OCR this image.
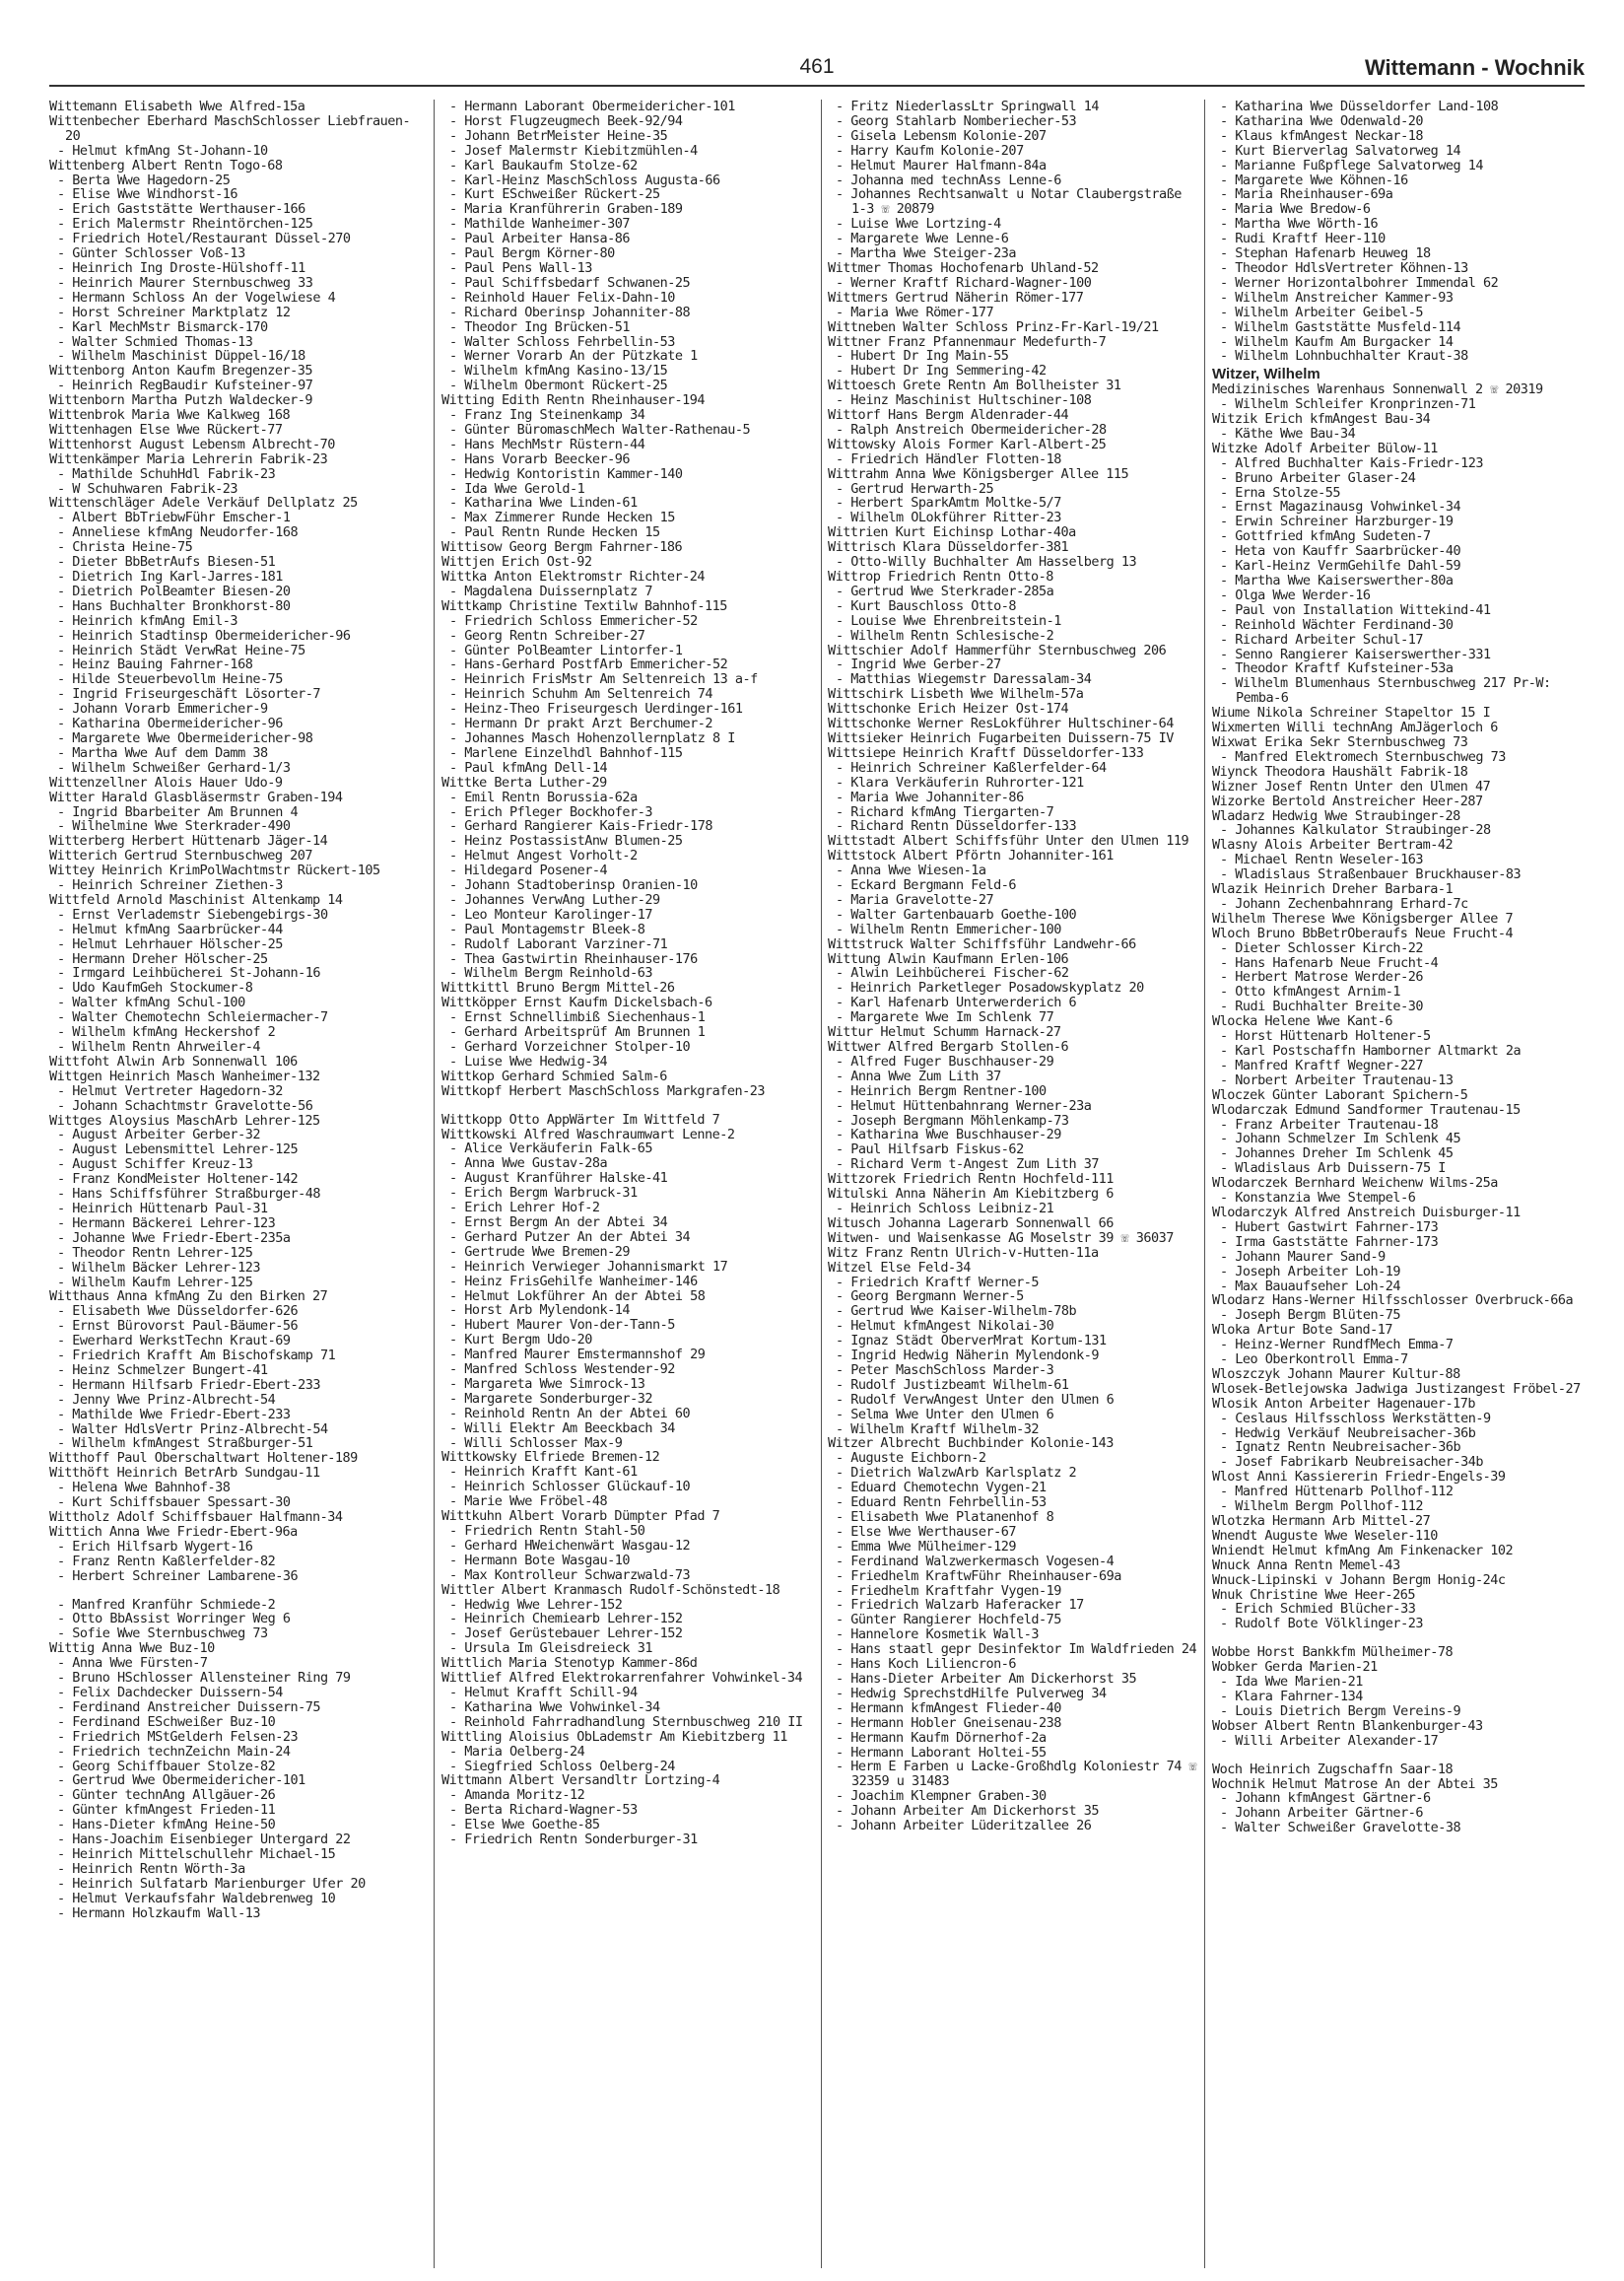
461	Wittemann - Wochnik
Wittemann Elisabeth Wwe Alfred-15a
Wittenbecher Eberhard MaschSchlosser Liebfrauen-20
- Helmut kfmAng St-Johann-10
Wittenberg Albert Rentn Togo-68
- Berta Wwe Hagedorn-25
- Elise Wwe Windhorst-16
- Erich Gaststätte Werthauser-166
- Erich Malermstr Rheintörchen-125
- Friedrich Hotel/Restaurant Düssel-270
- Günter Schlosser Voß-13
- Heinrich Ing Droste-Hülshoff-11
- Heinrich Maurer Sternbuschweg 33
- Hermann Schloss An der Vogelwiese 4
- Horst Schreiner Marktplatz 12
- Karl MechMstr Bismarck-170
- Walter Schmied Thomas-13
- Wilhelm Maschinist Düppel-16/18
Wittenborg Anton Kaufm Bregenzer-35
- Heinrich RegBaudir Kufsteiner-97
Wittenborn Martha Putzh Waldecker-9
Wittenbrok Maria Wwe Kalkweg 168
Wittenhagen Else Wwe Rückert-77
Wittenhorst August Lebensm Albrecht-70
Wittenkämper Maria Lehrerin Fabrik-23
- Mathilde SchuhHdl Fabrik-23
- W Schuhwaren Fabrik-23
Wittenschläger Adele Verkäuf Dellplatz 25
- Albert BbTriebwFühr Emscher-1
- Anneliese kfmAng Neudorfer-168
- Christa Heine-75
- Dieter BbBetrAufs Biesen-51
- Dietrich Ing Karl-Jarres-181
- Dietrich PolBeamter Biesen-20
- Hans Buchhalter Bronkhorst-80
- Heinrich kfmAng Emil-3
- Heinrich Stadtinsp Obermeidericher-96
- Heinrich Städt VerwRat Heine-75
- Heinz Bauing Fahrner-168
- Hilde Steuerbevollm Heine-75
- Ingrid Friseurgeschäft Lösorter-7
- Johann Vorarb Emmericher-9
- Katharina Obermeidericher-96
- Margarete Wwe Obermeidericher-98
- Martha Wwe Auf dem Damm 38
- Wilhelm Schweißer Gerhard-1/3
Wittenzellner Alois Hauer Udo-9
Witter Harald Glasbläsermstr Graben-194
- Ingrid Bbarbeiter Am Brunnen 4
- Wilhelmine Wwe Sterkrader-490
Witterberg Herbert Hüttenarb Jäger-14
Witterich Gertrud Sternbuschweg 207
Wittey Heinrich KrimPolWachtmstr Rückert-105
- Heinrich Schreiner Ziethen-3
Wittfeld Arnold Maschinist Altenkamp 14
- Ernst Verlademstr Siebengebirgs-30
- Helmut kfmAng Saarbrücker-44
- Helmut Lehrhauer Hölscher-25
- Hermann Dreher Hölscher-25
- Irmgard Leihbücherei St-Johann-16
- Udo KaufmGeh Stockumer-8
- Walter kfmAng Schul-100
- Walter Chemotechn Schleiermacher-7
- Wilhelm kfmAng Heckershof 2
- Wilhelm Rentn Ahrweiler-4
Wittfoht Alwin Arb Sonnenwall 106
Wittgen Heinrich Masch Wanheimer-132
- Helmut Vertreter Hagedorn-32
- Johann Schachtmstr Gravelotte-56
Wittges Aloysius MaschArb Lehrer-125
- August Arbeiter Gerber-32
- August Lebensmittel Lehrer-125
- August Schiffer Kreuz-13
- Franz KondMeister Holtener-142
- Hans Schiffsführer Straßburger-48
- Heinrich Hüttenarb Paul-31
- Hermann Bäckerei Lehrer-123
- Johanne Wwe Friedr-Ebert-235a
- Theodor Rentn Lehrer-125
- Wilhelm Bäcker Lehrer-123
- Wilhelm Kaufm Lehrer-125
Witthaus Anna kfmAng Zu den Birken 27
- Elisabeth Wwe Düsseldorfer-626
- Ernst Bürovorst Paul-Bäumer-56
- Ewerhard WerkstTechn Kraut-69
- Friedrich Krafft Am Bischofskamp 71
- Heinz Schmelzer Bungert-41
- Hermann Hilfsarb Friedr-Ebert-233
- Jenny Wwe Prinz-Albrecht-54
- Mathilde Wwe Friedr-Ebert-233
- Walter HdlsVertr Prinz-Albrecht-54
- Wilhelm kfmAngest Straßburger-51
Witthoff Paul Oberschaltwart Holtener-189
Witthöft Heinrich BetrArb Sundgau-11
- Helena Wwe Bahnhof-38
- Kurt Schiffsbauer Spessart-30
Wittholz Adolf Schiffsbauer Halfmann-34
Wittich Anna Wwe Friedr-Ebert-96a
- Erich Hilfsarb Wygert-16
- Franz Rentn Kaßlerfelder-82
- Herbert Schreiner Lambarene-36
- Manfred Kranführ Schmiede-2
- Otto BbAssist Worringer Weg 6
- Sofie Wwe Sternbuschweg 73
Wittig Anna Wwe Buz-10
- Anna Wwe Fürsten-7
- Bruno HSchlosser Allensteiner Ring 79
- Felix Dachdecker Duissern-54
- Ferdinand Anstreicher Duissern-75
- Ferdinand ESchweißer Buz-10
- Friedrich MStGelderh Felsen-23
- Friedrich technZeichn Main-24
- Georg Schiffbauer Stolze-82
- Gertrud Wwe Obermeidericher-101
- Günter technAng Allgäuer-26
- Günter kfmAngest Frieden-11
- Hans-Dieter kfmAng Heine-50
- Hans-Joachim Eisenbieger Untergard 22
- Heinrich Mittelschullehr Michael-15
- Heinrich Rentn Wörth-3a
- Heinrich Sulfatarb Marienburger Ufer 20
- Helmut Verkaufsfahr Waldebrenweg 10
- Hermann Holzkaufm Wall-13
- Hermann Laborant Obermeidericher-101
- Horst Flugzeugmech Beek-92/94
- Johann BetrMeister Heine-35
- Josef Malermstr Kiebitzmühlen-4
- Karl Baukaufm Stolze-62
- Karl-Heinz MaschSchloss Augusta-66
- Kurt ESchweißer Rückert-25
- Maria Kranführerin Graben-189
- Mathilde Wanheimer-307
- Paul Arbeiter Hansa-86
- Paul Bergm Körner-80
- Paul Pens Wall-13
- Paul Schiffsbedarf Schwanen-25
- Reinhold Hauer Felix-Dahn-10
- Richard Oberinsp Johanniter-88
- Theodor Ing Brücken-51
- Walter Schloss Fehrbellin-53
- Werner Vorarb An der Pützkate 1
- Wilhelm kfmAng Kasino-13/15
- Wilhelm Obermont Rückert-25
Witting Edith Rentn Rheinhauser-194
- Franz Ing Steinenkamp 34
- Günter BüromaschMech Walter-Rathenau-5
- Hans MechMstr Rüstern-44
- Hans Vorarb Beecker-96
- Hedwig Kontoristin Kammer-140
- Ida Wwe Gerold-1
- Katharina Wwe Linden-61
- Max Zimmerer Runde Hecken 15
- Paul Rentn Runde Hecken 15
Wittisow Georg Bergm Fahrner-186
Wittjen Erich Ost-92
Wittka Anton Elektromstr Richter-24
- Magdalena Duissernplatz 7
Wittkamp Christine Textilw Bahnhof-115
- Friedrich Schloss Emmericher-52
- Georg Rentn Schreiber-27
- Günter PolBeamter Lintorfer-1
- Hans-Gerhard PostfArb Emmericher-52
- Heinrich FrisMstr Am Seltenreich 13 a-f
- Heinrich Schuhm Am Seltenreich 74
- Heinz-Theo Friseurgesch Uerdinger-161
- Hermann Dr prakt Arzt Berchumer-2
- Johannes Masch Hohenzollernplatz 8 I
- Marlene Einzelhdl Bahnhof-115
- Paul kfmAng Dell-14
Wittke Berta Luther-29
- Emil Rentn Borussia-62a
- Erich Pfleger Bockhofer-3
- Gerhard Rangierer Kais-Friedr-178
- Heinz PostassistAnw Blumen-25
- Helmut Angest Vorholt-2
- Hildegard Posener-4
- Johann Stadtoberinsp Oranien-10
- Johannes VerwAng Luther-29
- Leo Monteur Karolinger-17
- Paul Montagemstr Bleek-8
- Rudolf Laborant Varziner-71
- Thea Gastwirtin Rheinhauser-176
- Wilhelm Bergm Reinhold-63
Wittkittl Bruno Bergm Mittel-26
Wittköpper Ernst Kaufm Dickelsbach-6
- Ernst Schnellimbiß Siechenhaus-1
- Gerhard Arbeitsprüf Am Brunnen 1
- Gerhard Vorzeichner Stolper-10
- Luise Wwe Hedwig-34
Wittkop Gerhard Schmied Salm-6
Wittkopf Herbert MaschSchloss Markgrafen-23
Wittkopp Otto AppWärter Im Wittfeld 7
Wittkowski Alfred Waschraumwart Lenne-2
- Alice Verkäuferin Falk-65
- Anna Wwe Gustav-28a
- August Kranführer Halske-41
- Erich Bergm Warbruck-31
- Erich Lehrer Hof-2
- Ernst Bergm An der Abtei 34
- Gerhard Putzer An der Abtei 34
- Gertrude Wwe Bremen-29
- Heinrich Verwieger Johannismarkt 17
- Heinz FrisGehilfe Wanheimer-146
- Helmut Lokführer An der Abtei 58
- Horst Arb Mylendonk-14
- Hubert Maurer Von-der-Tann-5
- Kurt Bergm Udo-20
- Manfred Maurer Emstermannshof 29
- Manfred Schloss Westender-92
- Margareta Wwe Simrock-13
- Margarete Sonderburger-32
- Reinhold Rentn An der Abtei 60
- Willi Elektr Am Beeckbach 34
- Willi Schlosser Max-9
Wittkowsky Elfriede Bremen-12
- Heinrich Krafft Kant-61
- Heinrich Schlosser Glückauf-10
- Marie Wwe Fröbel-48
Wittkuhn Albert Vorarb Dümpter Pfad 7
- Friedrich Rentn Stahl-50
- Gerhard HWeichenwärt Wasgau-12
- Hermann Bote Wasgau-10
- Max Kontrolleur Schwarzwald-73
Wittler Albert Kranmasch Rudolf-Schönstedt-18
- Hedwig Wwe Lehrer-152
- Heinrich Chemiearb Lehrer-152
- Josef Gerüstebauer Lehrer-152
- Ursula Im Gleisdreieck 31
Wittlich Maria Stenotyp Kammer-86d
Wittlief Alfred Elektrokarrenfahrer Vohwinkel-34
- Helmut Krafft Schill-94
- Katharina Wwe Vohwinkel-34
- Reinhold Fahrradhandlung Sternbuschweg 210 II
Wittling Aloisius ObLademstr Am Kiebitzberg 11
- Maria Oelberg-24
- Siegfried Schloss Oelberg-24
Wittmann Albert Versandltr Lortzing-4
- Amanda Moritz-12
- Berta Richard-Wagner-53
- Else Wwe Goethe-85
- Friedrich Rentn Sonderburger-31
- Fritz NiederlassLtr Springwall 14
- Georg Stahlarb Nomberiecher-53
- Gisela Lebensm Kolonie-207
- Harry Kaufm Kolonie-207
- Helmut Maurer Halfmann-84a
- Johanna med technAss Lenne-6
- Johannes Rechtsanwalt u Notar Claubergstraße 1-3 ☏ 20879
- Luise Wwe Lortzing-4
- Margarete Wwe Lenne-6
- Martha Wwe Steiger-23a
Wittmer Thomas Hochofenarb Uhland-52
- Werner Kraftf Richard-Wagner-100
Wittmers Gertrud Näherin Römer-177
- Maria Wwe Römer-177
Wittneben Walter Schloss Prinz-Fr-Karl-19/21
Wittner Franz Pfannenmaur Medefurth-7
- Hubert Dr Ing Main-55
- Hubert Dr Ing Semmering-42
Wittoesch Grete Rentn Am Bollheister 31
- Heinz Maschinist Hultschiner-108
Wittorf Hans Bergm Aldenrader-44
- Ralph Anstreich Obermeidericher-28
Wittowsky Alois Former Karl-Albert-25
- Friedrich Händler Flotten-18
Wittrahm Anna Wwe Königsberger Allee 115
- Gertrud Herwarth-25
- Herbert SparkAmtm Moltke-5/7
- Wilhelm OLokführer Ritter-23
Wittrien Kurt Eichinsp Lothar-40a
Wittrisch Klara Düsseldorfer-381
- Otto-Willy Buchhalter Am Hasselberg 13
Wittrop Friedrich Rentn Otto-8
- Gertrud Wwe Sterkrader-285a
- Kurt Bauschloss Otto-8
- Louise Wwe Ehrenbreitstein-1
- Wilhelm Rentn Schlesische-2
Wittschier Adolf Hammerführ Sternbuschweg 206
- Ingrid Wwe Gerber-27
- Matthias Wiegemstr Daressalam-34
Wittschirk Lisbeth Wwe Wilhelm-57a
Wittschonke Erich Heizer Ost-174
Wittschonke Werner ResLokführer Hultschiner-64
Wittsieker Heinrich Fugarbeiten Duissern-75 IV
Wittsiepe Heinrich Kraftf Düsseldorfer-133
- Heinrich Schreiner Kaßlerfelder-64
- Klara Verkäuferin Ruhrorter-121
- Maria Wwe Johanniter-86
- Richard kfmAng Tiergarten-7
- Richard Rentn Düsseldorfer-133
Wittstadt Albert Schiffsführ Unter den Ulmen 119
Wittstock Albert Pförtn Johanniter-161
- Anna Wwe Wiesen-1a
- Eckard Bergmann Feld-6
- Maria Gravelotte-27
- Walter Gartenbauarb Goethe-100
- Wilhelm Rentn Emmericher-100
Wittstruck Walter Schiffsführ Landwehr-66
Wittung Alwin Kaufmann Erlen-106
- Alwin Leihbücherei Fischer-62
- Heinrich Parketleger Posadowskyplatz 20
- Karl Hafenarb Unterwerderich 6
- Margarete Wwe Im Schlenk 77
Wittur Helmut Schumm Harnack-27
Wittwer Alfred Bergarb Stollen-6
- Alfred Fuger Buschhauser-29
- Anna Wwe Zum Lith 37
- Heinrich Bergm Rentner-100
- Helmut Hüttenbahnrang Werner-23a
- Joseph Bergmann Möhlenkamp-73
- Katharina Wwe Buschhauser-29
- Paul Hilfsarb Fiskus-62
- Richard Verm t-Angest Zum Lith 37
Wittzorek Friedrich Rentn Hochfeld-111
Witulski Anna Näherin Am Kiebitzberg 6
- Heinrich Schloss Leibniz-21
Witusch Johanna Lagerarb Sonnenwall 66
Witwen- und Waisenkasse AG Moselstr 39 ☏ 36037
Witz Franz Rentn Ulrich-v-Hutten-11a
Witzel Else Feld-34
- Friedrich Kraftf Werner-5
- Georg Bergmann Werner-5
- Gertrud Wwe Kaiser-Wilhelm-78b
- Helmut kfmAngest Nikolai-30
- Ignaz Städt OberverMrat Kortum-131
- Ingrid Hedwig Näherin Mylendonk-9
- Peter MaschSchloss Marder-3
- Rudolf Justizbeamt Wilhelm-61
- Rudolf VerwAngest Unter den Ulmen 6
- Selma Wwe Unter den Ulmen 6
- Wilhelm Kraftf Wilhelm-32
Witzer Albrecht Buchbinder Kolonie-143
- Auguste Eichborn-2
- Dietrich WalzwArb Karlsplatz 2
- Eduard Chemotechn Vygen-21
- Eduard Rentn Fehrbellin-53
- Elisabeth Wwe Platanenhof 8
- Else Wwe Werthauser-67
- Emma Wwe Mülheimer-129
- Ferdinand Walzwerkermasch Vogesen-4
- Friedhelm KraftwFühr Rheinhauser-69a
- Friedhelm Kraftfahr Vygen-19
- Friedrich Walzarb Haferacker 17
- Günter Rangierer Hochfeld-75
- Hannelore Kosmetik Wall-3
- Hans staatl gepr Desinfektor Im Waldfrieden 24
- Hans Koch Liliencron-6
- Hans-Dieter Arbeiter Am Dickerhorst 35
- Hedwig SprechstdHilfe Pulverweg 34
- Hermann kfmAngest Flieder-40
- Hermann Hobler Gneisenau-238
- Hermann Kaufm Dörnerhof-2a
- Hermann Laborant Holtei-55
- Herm E Farben u Lacke-Großhdlg Koloniestr 74 ☏ 32359 u 31483
- Joachim Klempner Graben-30
- Johann Arbeiter Am Dickerhorst 35
- Johann Arbeiter Lüderitzallee 26
- Katharina Wwe Düsseldorfer Land-108
- Katharina Wwe Odenwald-20
- Klaus kfmAngest Neckar-18
- Kurt Bierverlag Salvatorweg 14
- Marianne Fußpflege Salvatorweg 14
- Margarete Wwe Köhnen-16
- Maria Rheinhauser-69a
- Maria Wwe Bredow-6
- Martha Wwe Wörth-16
- Rudi Kraftf Heer-110
- Stephan Hafenarb Heuweg 18
- Theodor HdlsVertreter Köhnen-13
- Werner Horizontalbohrer Immendal 62
- Wilhelm Anstreicher Kammer-93
- Wilhelm Arbeiter Geibel-5
- Wilhelm Gaststätte Musfeld-114
- Wilhelm Kaufm Am Burgacker 14
- Wilhelm Lohnbuchhalter Kraut-38
Witzer, Wilhelm
Medizinisches Warenhaus Sonnenwall 2 ☏ 20319
- Wilhelm Schleifer Kronprinzen-71
Witzik Erich kfmAngest Bau-34
- Käthe Wwe Bau-34
Witzke Adolf Arbeiter Bülow-11
- Alfred Buchhalter Kais-Friedr-123
- Bruno Arbeiter Glaser-24
- Erna Stolze-55
- Ernst Magazinausg Vohwinkel-34
- Erwin Schreiner Harzburger-19
- Gottfried kfmAng Sudeten-7
- Heta von Kauffr Saarbrücker-40
- Karl-Heinz VermGehilfe Dahl-59
- Martha Wwe Kaiserswerther-80a
- Olga Wwe Werder-16
- Paul von Installation Wittekind-41
- Reinhold Wächter Ferdinand-30
- Richard Arbeiter Schul-17
- Senno Rangierer Kaiserswerther-331
- Theodor Kraftf Kufsteiner-53a
- Wilhelm Blumenhaus Sternbuschweg 217 Pr-W: Pemba-6
Wiume Nikola Schreiner Stapeltor 15 I
Wixmerten Willi technAng AmJägerloch 6
Wixwat Erika Sekr Sternbuschweg 73
- Manfred Elektromech Sternbuschweg 73
Wiynck Theodora Haushält Fabrik-18
Wizner Josef Rentn Unter den Ulmen 47
Wizorke Bertold Anstreicher Heer-287
Wladarz Hedwig Wwe Straubinger-28
- Johannes Kalkulator Straubinger-28
Wlasny Alois Arbeiter Bertram-42
- Michael Rentn Weseler-163
- Wladislaus Straßenbauer Bruckhauser-83
Wlazik Heinrich Dreher Barbara-1
- Johann Zechenbahnrang Erhard-7c
Wilhelm Therese Wwe Königsberger Allee 7
Wloch Bruno BbBetrOberaufs Neue Frucht-4
- Dieter Schlosser Kirch-22
- Hans Hafenarb Neue Frucht-4
- Herbert Matrose Werder-26
- Otto kfmAngest Arnim-1
- Rudi Buchhalter Breite-30
Wlocka Helene Wwe Kant-6
- Horst Hüttenarb Holtener-5
- Karl Postschaffn Hamborner Altmarkt 2a
- Manfred Kraftf Wegner-227
- Norbert Arbeiter Trautenau-13
Wloczek Günter Laborant Spichern-5
Wlodarczak Edmund Sandformer Trautenau-15
- Franz Arbeiter Trautenau-18
- Johann Schmelzer Im Schlenk 45
- Johannes Dreher Im Schlenk 45
- Wladislaus Arb Duissern-75 I
Wlodarczek Bernhard Weichenw Wilms-25a
- Konstanzia Wwe Stempel-6
Wlodarczyk Alfred Anstreich Duisburger-11
- Hubert Gastwirt Fahrner-173
- Irma Gaststätte Fahrner-173
- Johann Maurer Sand-9
- Joseph Arbeiter Loh-19
- Max Bauaufseher Loh-24
Wlodarz Hans-Werner Hilfsschlosser Overbruck-66a
- Joseph Bergm Blüten-75
Wloka Artur Bote Sand-17
- Heinz-Werner RundfMech Emma-7
- Leo Oberkontroll Emma-7
Wloszczyk Johann Maurer Kultur-88
Wlosek-Betlejowska Jadwiga Justizangest Fröbel-27
Wlosik Anton Arbeiter Hagenauer-17b
- Ceslaus Hilfsschloss Werkstätten-9
- Hedwig Verkäuf Neubreisacher-36b
- Ignatz Rentn Neubreisacher-36b
- Josef Fabrikarb Neubreisacher-34b
Wlost Anni Kassiererin Friedr-Engels-39
- Manfred Hüttenarb Pollhof-112
- Wilhelm Bergm Pollhof-112
Wlotzka Hermann Arb Mittel-27
Wnendt Auguste Wwe Weseler-110
Wniendt Helmut kfmAng Am Finkenacker 102
Wnuck Anna Rentn Memel-43
Wnuck-Lipinski v Johann Bergm Honig-24c
Wnuk Christine Wwe Heer-265
- Erich Schmied Blücher-33
- Rudolf Bote Völklinger-23
Wobbe Horst Bankkfm Mülheimer-78
Wobker Gerda Marien-21
- Ida Wwe Marien-21
- Klara Fahrner-134
- Louis Dietrich Bergm Vereins-9
Wobser Albert Rentn Blankenburger-43
- Willi Arbeiter Alexander-17
Woch Heinrich Zugschaffn Saar-18
Wochnik Helmut Matrose An der Abtei 35
- Johann kfmAngest Gärtner-6
- Johann Arbeiter Gärtner-6
- Walter Schweißer Gravelotte-38
